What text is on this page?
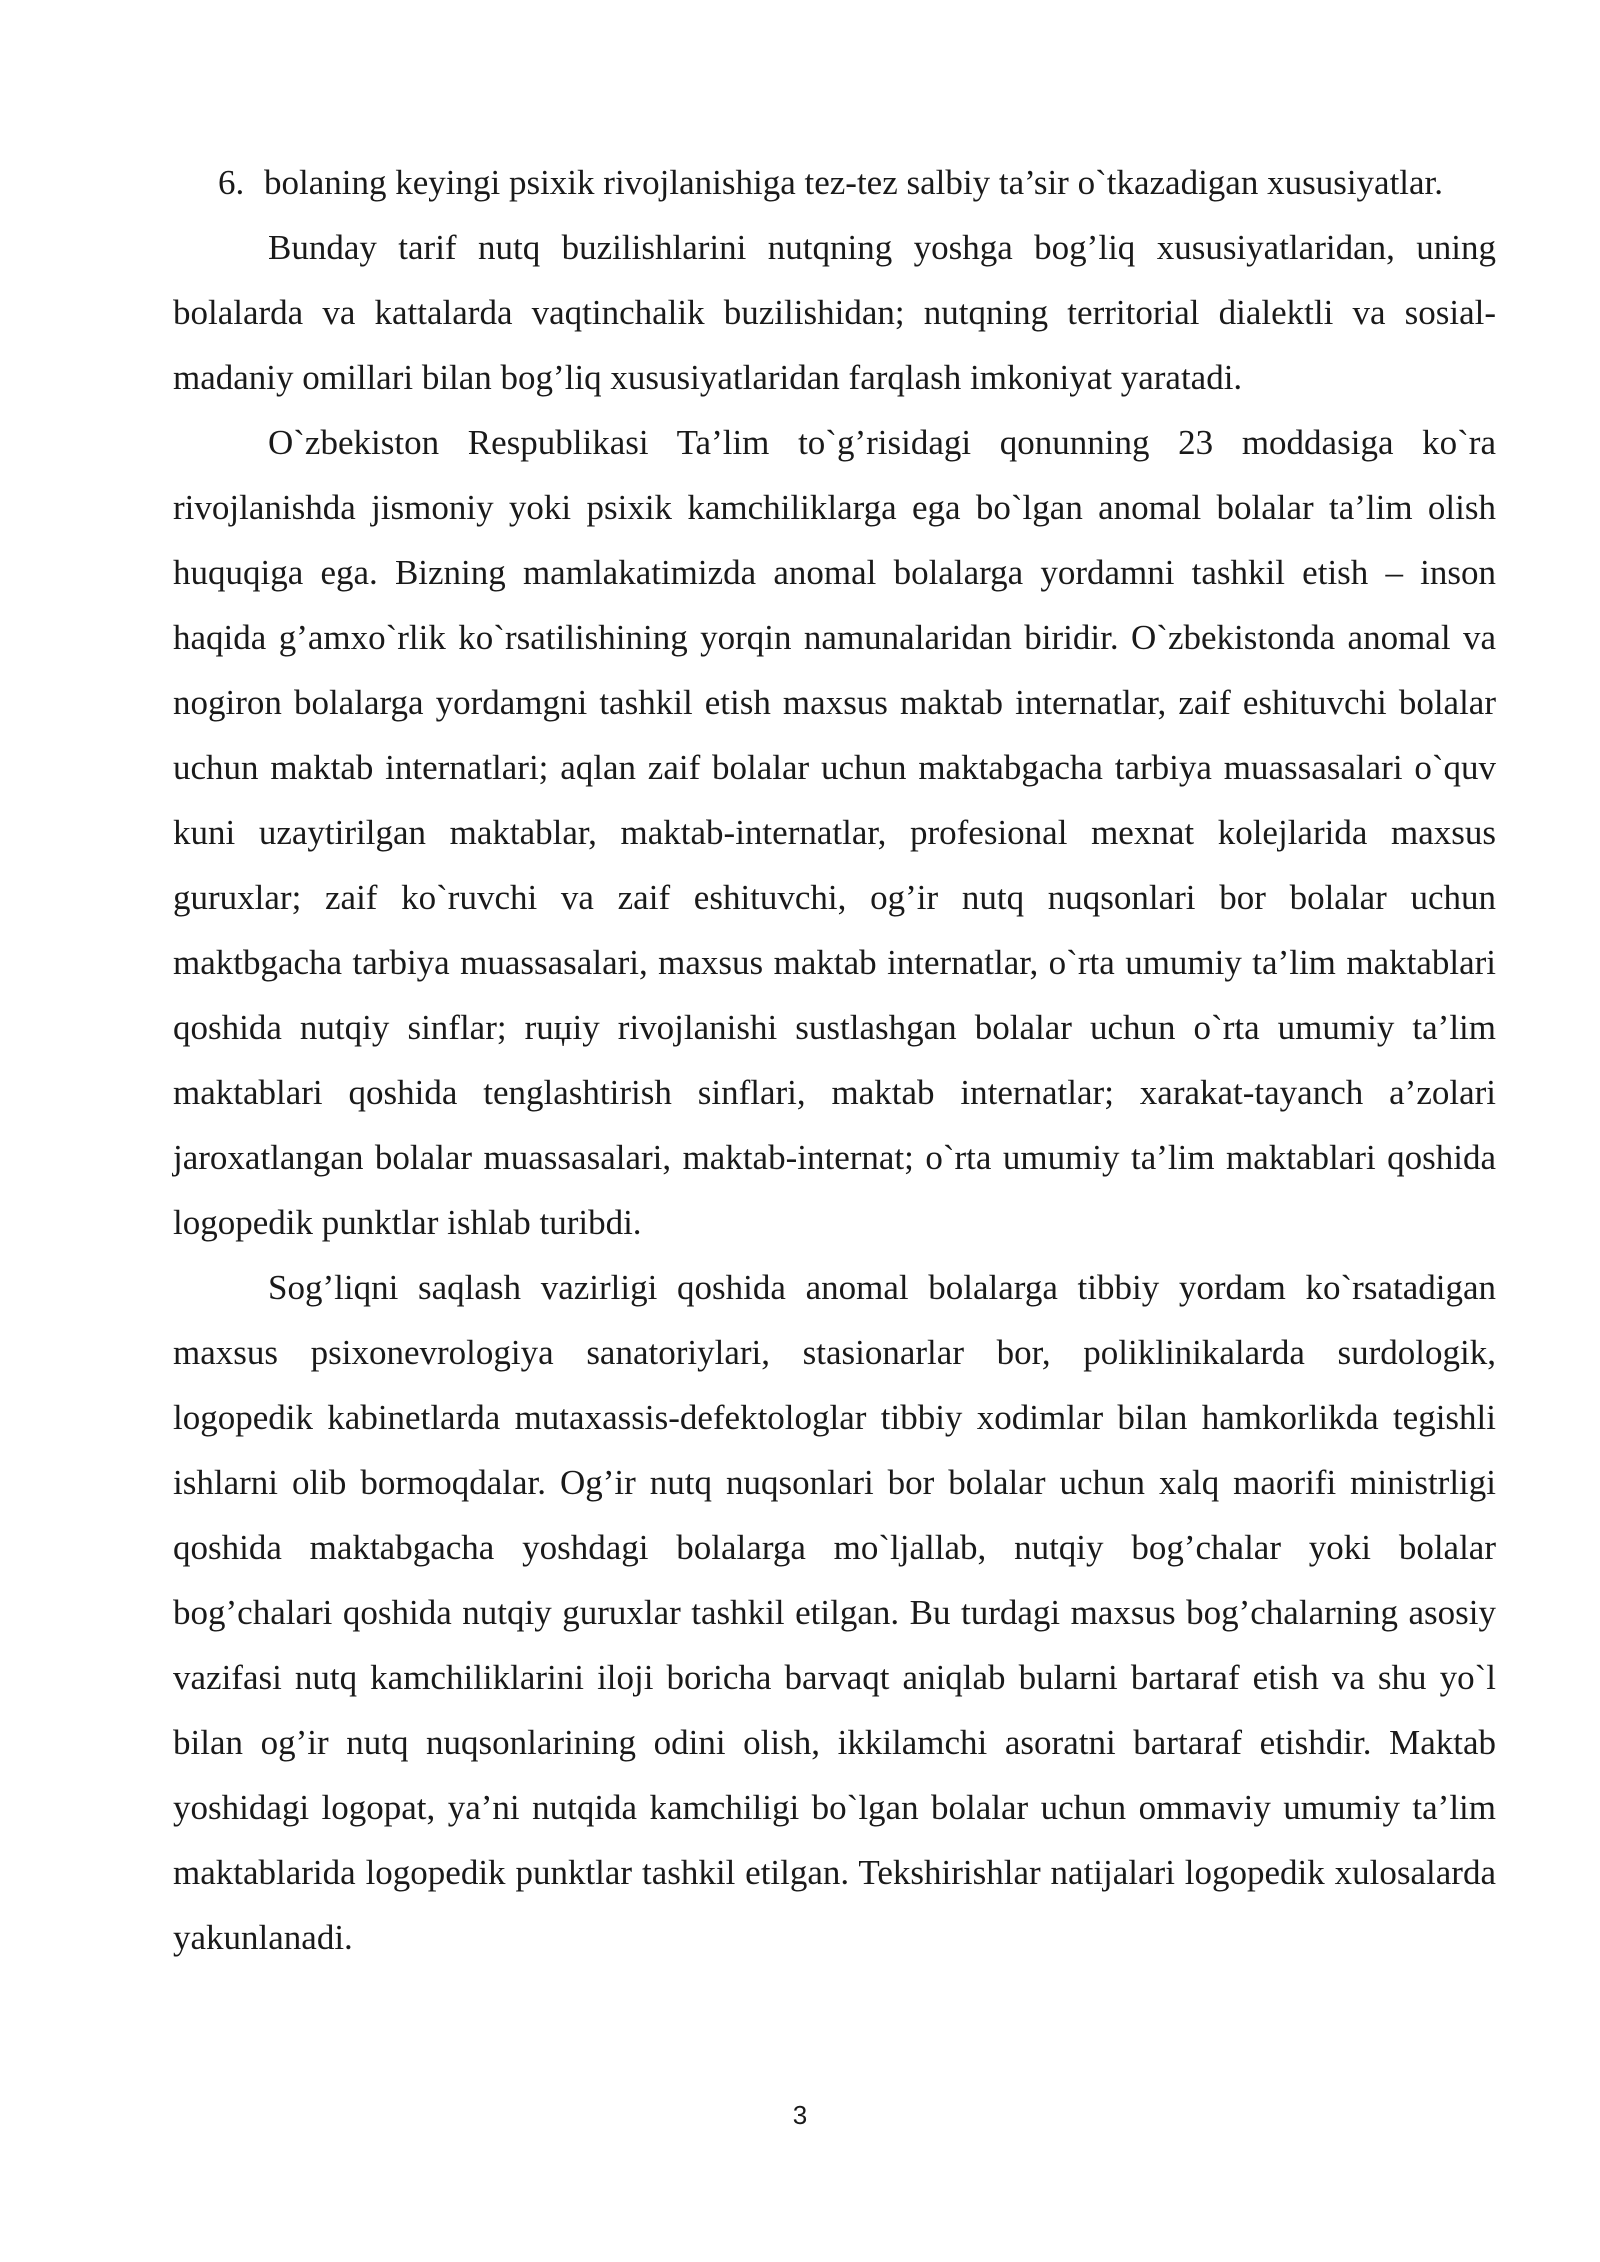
6. bolaning keyingi psixik rivojlanishiga tez-tez salbiy ta’sir o`tkazadigan xususiyatlar.

Bunday tarif nutq buzilishlarini nutqning yoshga bog’liq xususiyatlaridan, uning bolalarda va kattalarda vaqtinchalik buzilishidan; nutqning territorial dialektli va sosial-madaniy omillari bilan bog’liq xususiyatlaridan farqlash imkoniyat yaratadi.

O`zbekiston Respublikasi Ta’lim to`g’risidagi qonunning 23 moddasiga ko`ra rivojlanishda jismoniy yoki psixik kamchiliklarga ega bo`lgan anomal bolalar ta’lim olish huquqiga ega. Bizning mamlakatimizda anomal bolalarga yordamni tashkil etish – inson haqida g’amxo`rlik ko`rsatilishining yorqin namunalaridan biridir. O`zbekistonda anomal va nogiron bolalarga yordamgni tashkil etish maxsus maktab internatlar, zaif eshituvchi bolalar uchun maktab internatlari; aqlan zaif bolalar uchun maktabgacha tarbiya muassasalari o`quv kuni uzaytirilgan maktablar, maktab-internatlar, profesional mexnat kolejlarida maxsus guruxlar; zaif ko`ruvchi va zaif eshituvchi, og’ir nutq nuqsonlari bor bolalar uchun maktbgacha tarbiya muassasalari, maxsus maktab internatlar, o`rta umumiy ta’lim maktablari qoshida nutqiy sinflar; ruџiy rivojlanishi sustlashgan bolalar uchun o`rta umumiy ta’lim maktablari qoshida tenglashtirish sinflari, maktab internatlar; xarakat-tayanch a’zolari jaroxatlangan bolalar muassasalari, maktab-internat; o`rta umumiy ta’lim maktablari qoshida logopedik punktlar ishlab turibdi.

Sog’liqni saqlash vazirligi qoshida anomal bolalarga tibbiy yordam ko`rsatadigan maxsus psixonevrologiya sanatoriylari, stasionarlar bor, poliklinikalarda surdologik, logopedik kabinetlarda mutaxassis-defektologlar tibbiy xodimlar bilan hamkorlikda tegishli ishlarni olib bormoqdalar. Og’ir nutq nuqsonlari bor bolalar uchun xalq maorifi ministrligi qoshida maktabgacha yoshdagi bolalarga mo`ljallab, nutqiy bog’chalar yoki bolalar bog’chalari qoshida nutqiy guruxlar tashkil etilgan. Bu turdagi maxsus bog’chalarning asosiy vazifasi nutq kamchiliklarini iloji boricha barvaqt aniqlab bularni bartaraf etish va shu yo`l bilan og’ir nutq nuqsonlarining odini olish, ikkilamchi asoratni bartaraf etishdir. Maktab yoshidagi logopat, ya’ni nutqida kamchiligi bo`lgan bolalar uchun ommaviy umumiy ta’lim maktablarida logopedik punktlar tashkil etilgan. Tekshirishlar natijalari logopedik xulosalarda yakunlanadi.

3
